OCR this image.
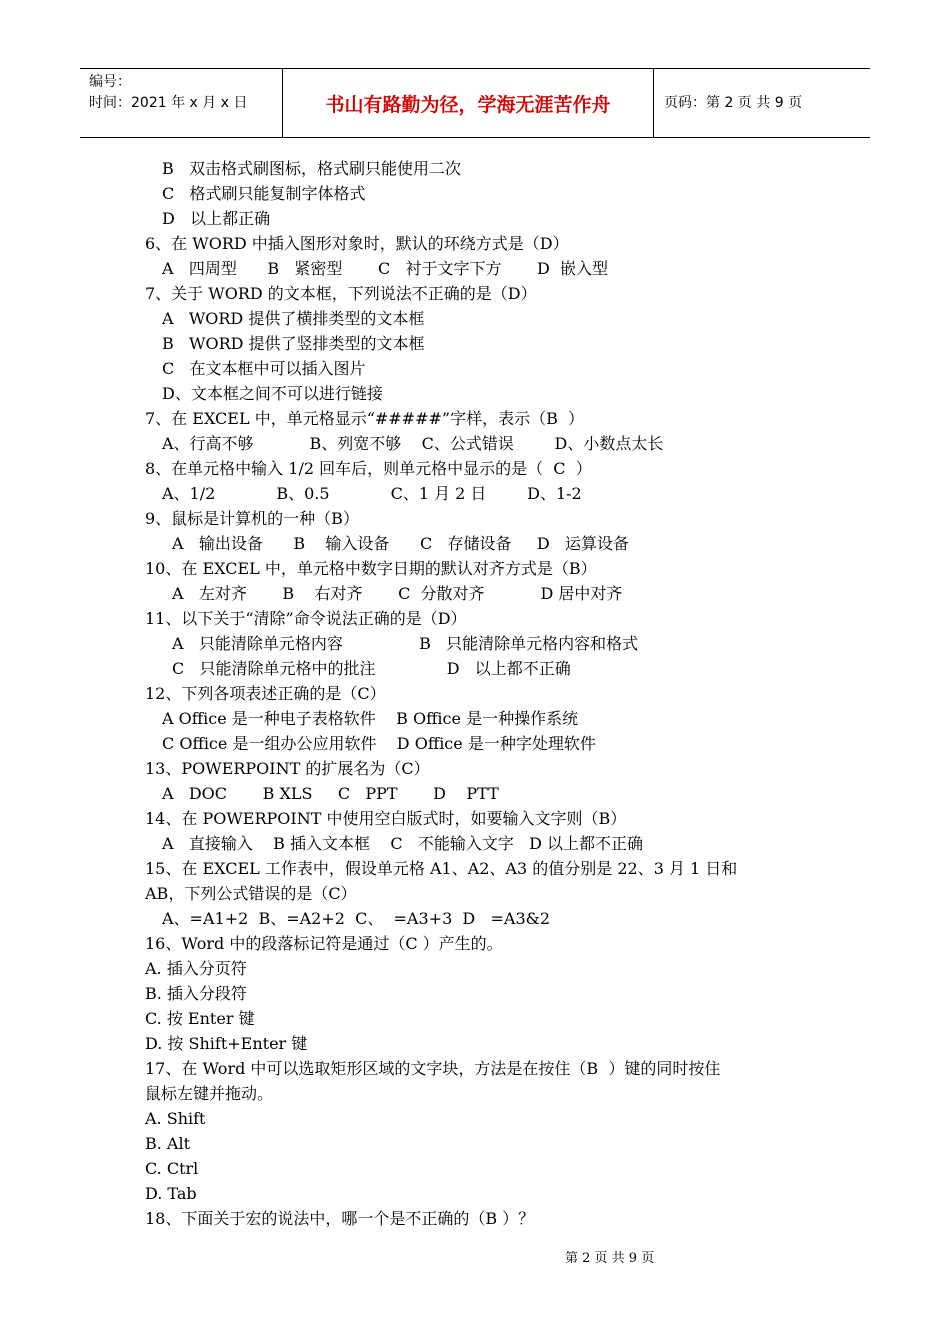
编号：
时间：2021 年 x 月 x 日	书山有路勤为径，学海无涯苦作舟	页码：第 2 页 共 9 页
B   双击格式刷图标，格式刷只能使用二次
C   格式刷只能复制字体格式
D   以上都正确
6、在 WORD 中插入图形对象时，默认的环绕方式是（D）
A   四周型      B   紧密型       C   衬于文字下方       D  嵌入型
7、关于 WORD 的文本框，下列说法不正确的是（D）
A   WORD 提供了横排类型的文本框
B   WORD 提供了竖排类型的文本框
C   在文本框中可以插入图片
D、文本框之间不可以进行链接
7、在 EXCEL 中，单元格显示“#####”字样，表示（B  ）
A、行高不够           B、列宽不够    C、公式错误        D、小数点太长
8、在单元格中输入 1/2 回车后，则单元格中显示的是（  C  ）
A、1/2            B、0.5            C、1 月 2 日        D、1-2
9、鼠标是计算机的一种（B）
A   输出设备      B    输入设备      C   存储设备     D   运算设备
10、在 EXCEL 中，单元格中数字日期的默认对齐方式是（B）
A   左对齐       B    右对齐       C  分散对齐           D 居中对齐
11、以下关于“清除”命令说法正确的是（D）
A   只能清除单元格内容               B   只能清除单元格内容和格式
C   只能清除单元格中的批注              D   以上都不正确
12、下列各项表述正确的是（C）
A Office 是一种电子表格软件    B Office 是一种操作系统
C Office 是一组办公应用软件    D Office 是一种字处理软件
13、POWERPOINT 的扩展名为（C）
A   DOC       B XLS     C   PPT       D    PTT
14、在 POWERPOINT 中使用空白版式时，如要输入文字则（B）
A   直接输入    B 插入文本框    C   不能输入文字   D 以上都不正确
15、在 EXCEL 工作表中，假设单元格 A1、A2、A3 的值分别是 22、3 月 1 日和
AB，下列公式错误的是（C）
A、=A1+2  B、=A2+2  C、  =A3+3  D   =A3&2
16、Word 中的段落标记符是通过（C ）产生的。
A. 插入分页符
B. 插入分段符
C. 按 Enter 键
D. 按 Shift+Enter 键
17、在 Word 中可以选取矩形区域的文字块，方法是在按住（B  ）键的同时按住
鼠标左键并拖动。
A. Shift
B. Alt
C. Ctrl
D. Tab
18、下面关于宏的说法中，哪一个是不正确的（B ）？
第 2 页 共 9 页
